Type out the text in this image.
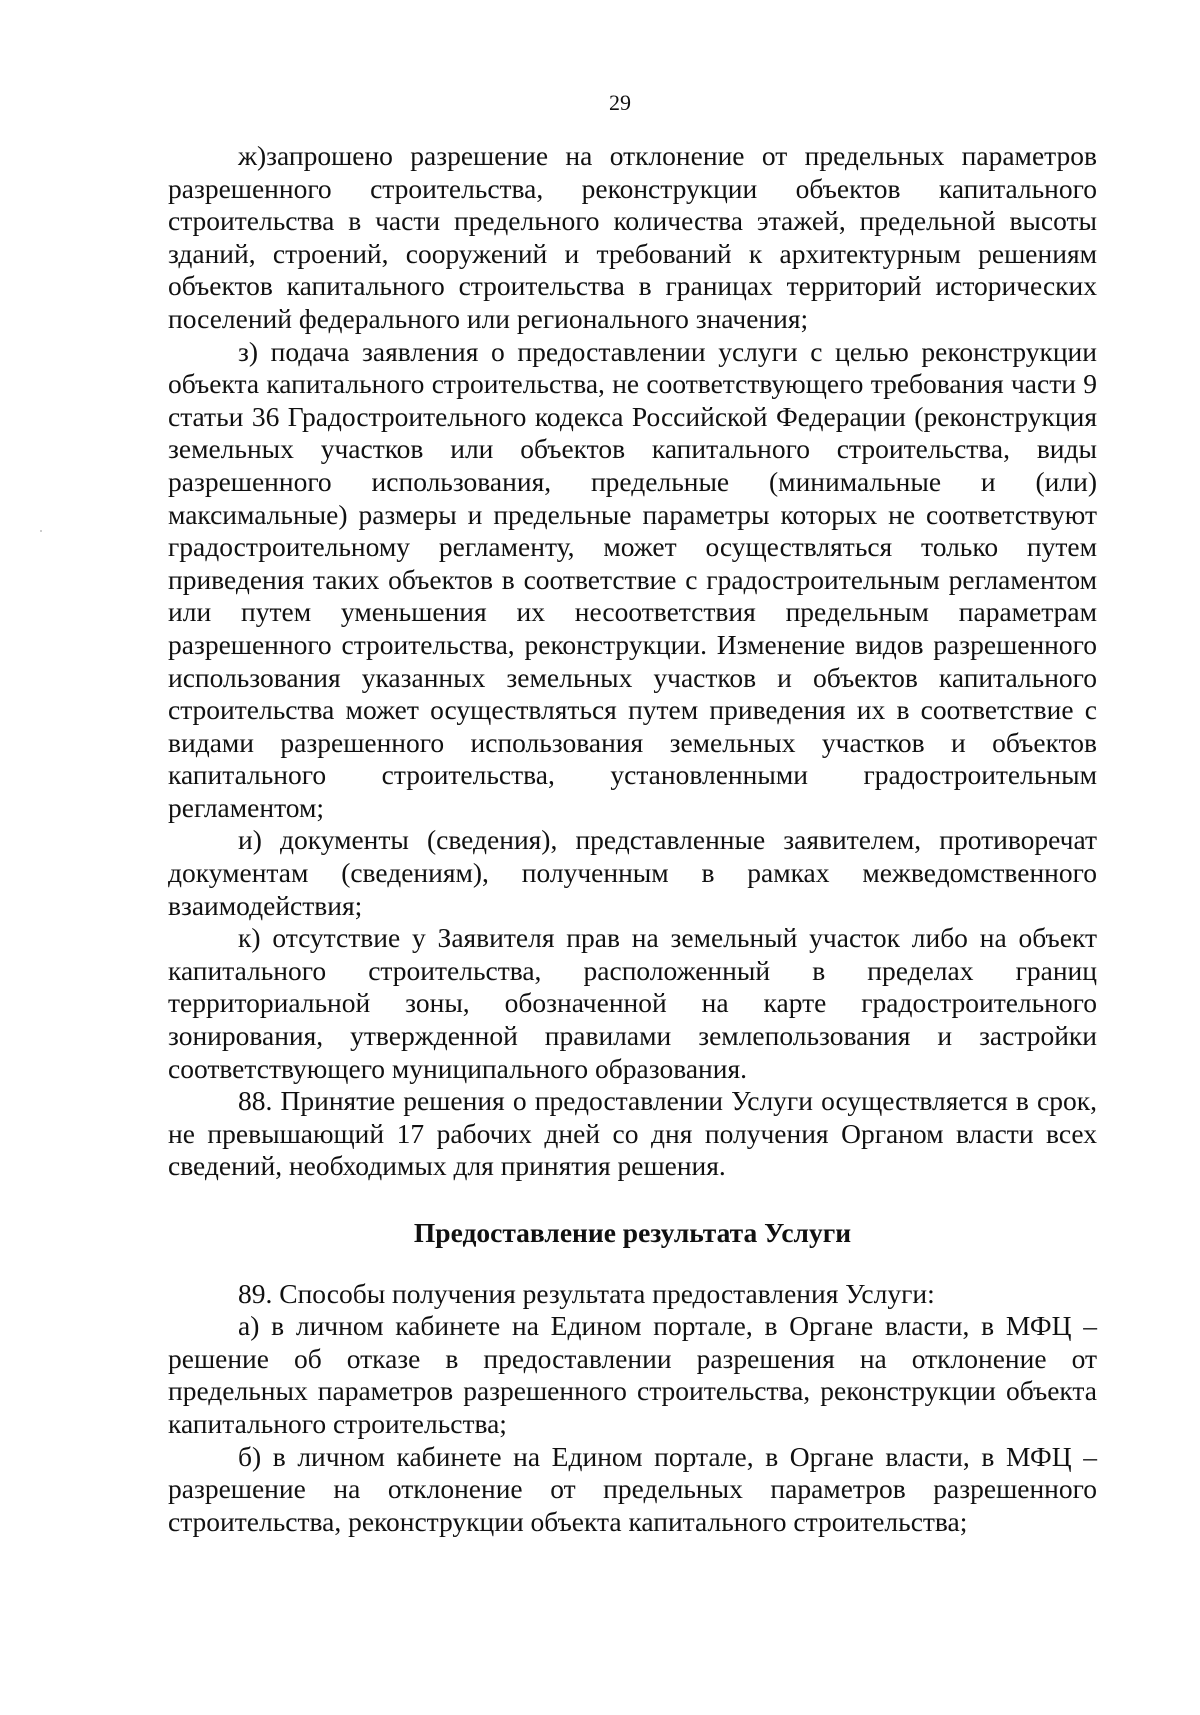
29

ж)запрошено разрешение на отклонение от предельных параметров разрешенного строительства, реконструкции объектов капитального строительства в части предельного количества этажей, предельной высоты зданий, строений, сооружений и требований к архитектурным решениям объектов капитального строительства в границах территорий исторических поселений федерального или регионального значения;

з) подача заявления о предоставлении услуги с целью реконструкции объекта капитального строительства, не соответствующего требования части 9 статьи 36 Градостроительного кодекса Российской Федерации (реконструкция земельных участков или объектов капитального строительства, виды разрешенного использования, предельные (минимальные и (или) максимальные) размеры и предельные параметры которых не соответствуют градостроительному регламенту, может осуществляться только путем приведения таких объектов в соответствие с градостроительным регламентом или путем уменьшения их несоответствия предельным параметрам разрешенного строительства, реконструкции. Изменение видов разрешенного использования указанных земельных участков и объектов капитального строительства может осуществляться путем приведения их в соответствие с видами разрешенного использования земельных участков и объектов капитального строительства, установленными градостроительным регламентом;

и) документы (сведения), представленные заявителем, противоречат документам (сведениям), полученным в рамках межведомственного взаимодействия;

к) отсутствие у Заявителя прав на земельный участок либо на объект капитального строительства, расположенный в пределах границ территориальной зоны, обозначенной на карте градостроительного зонирования, утвержденной правилами землепользования и застройки соответствующего муниципального образования.

88. Принятие решения о предоставлении Услуги осуществляется в срок, не превышающий 17 рабочих дней со дня получения Органом власти всех сведений, необходимых для принятия решения.

Предоставление результата Услуги

89. Способы получения результата предоставления Услуги:

а) в личном кабинете на Едином портале, в Органе власти, в МФЦ – решение об отказе в предоставлении разрешения на отклонение от предельных параметров разрешенного строительства, реконструкции объекта капитального строительства;

б) в личном кабинете на Едином портале, в Органе власти, в МФЦ – разрешение на отклонение от предельных параметров разрешенного строительства, реконструкции объекта капитального строительства;
